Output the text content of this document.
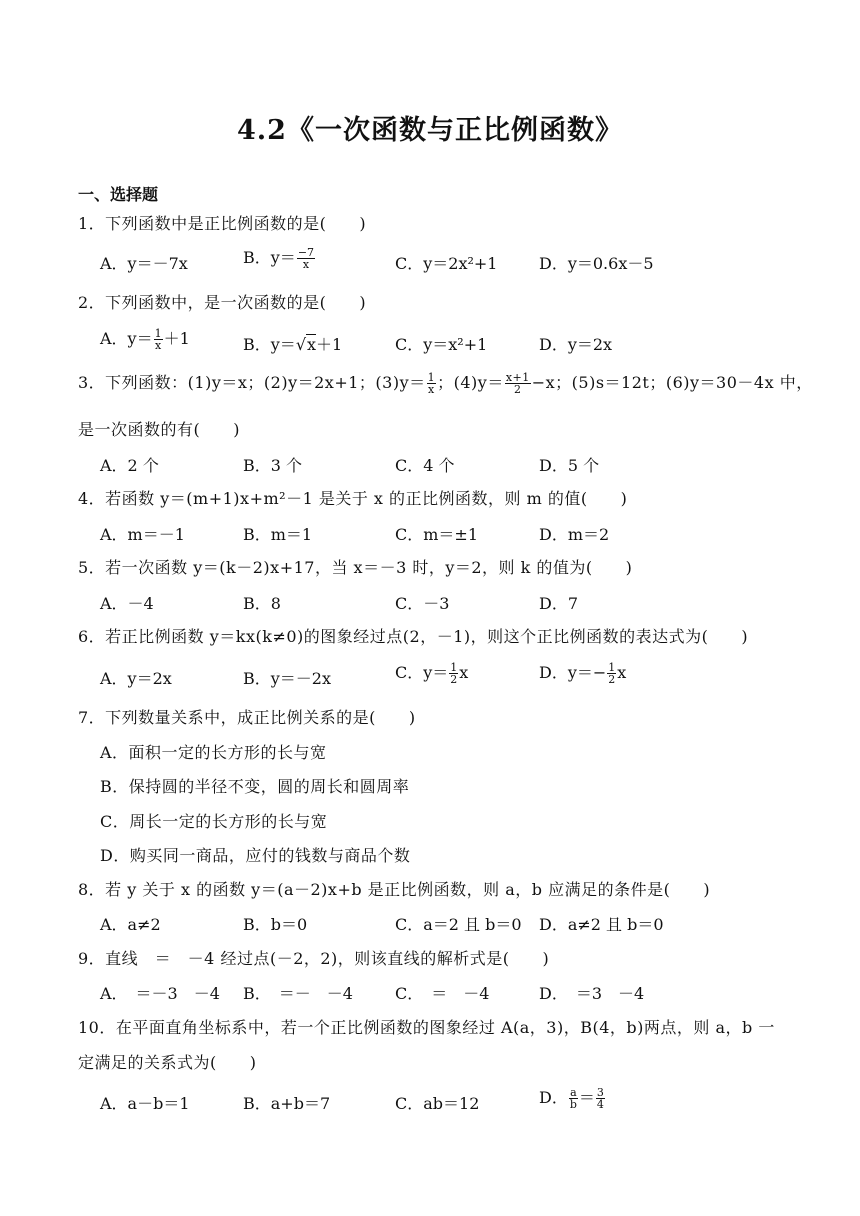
4.2《一次函数与正比例函数》
一、选择题
1．下列函数中是正比例函数的是(　　)
A．y＝－7x	B．$y= \frac{-7}{x}$	C．y＝2x²+1	D．y＝0.6x－5
2．下列函数中，是一次函数的是(　　)
A．$y= \frac{1}{x} +1$	B．y＝√x＋1	C．y＝x²+1	D．y＝2x
3．下列函数：(1)y＝x；(2)y＝2x+1；$(3)y= \frac{1}{x}$ ；$(4)y= \frac{x+1}{2} -x$；(5)s＝12t；(6)y＝30－4x 中，
是一次函数的有(　　)
A．2 个	B．3 个	C．4 个	D．5 个
4．若函数 y＝(m+1)x+m²－1 是关于 x 的正比例函数，则 m 的值(　　)
A．m＝－1	B．m＝1	C．m＝±1	D．m＝2
5．若一次函数 y＝(k－2)x+17，当 x＝－3 时，y＝2，则 k 的值为(　　)
A．－4	B．8	C．－3	D．7
6．若正比例函数 y＝kx(k≠0)的图象经过点(2，－1)，则这个正比例函数的表达式为(　　)
A．y＝2x	B．y＝－2x	C．$y= \frac{1}{2}$ x	D．$y=- \frac{1}{2}$ x
7．下列数量关系中，成正比例关系的是(　　)
A．面积一定的长方形的长与宽
B．保持圆的半径不变，圆的周长和圆周率
C．周长一定的长方形的长与宽
D．购买同一商品，应付的钱数与商品个数
8．若 y 关于 x 的函数 y＝(a－2)x+b 是正比例函数，则 a，b 应满足的条件是(　　)
A．a≠2	B．b＝0	C．a＝2 且 b＝0 D．a≠2 且 b＝0
9．直线　＝　－4 经过点(－2，2)，则该直线的解析式是(　　)
A．　＝－3　－4 B．　＝－　－4	C．　＝　－4	D．　＝3　－4
10．在平面直角坐标系中，若一个正比例函数的图象经过 A(a，3)，B(4，b)两点，则 a，b 一
定满足的关系式为(　　)
A．a－b＝1	B．a+b＝7	C．ab＝12	D． $\frac{a}{b} = \frac{3}{4}$
